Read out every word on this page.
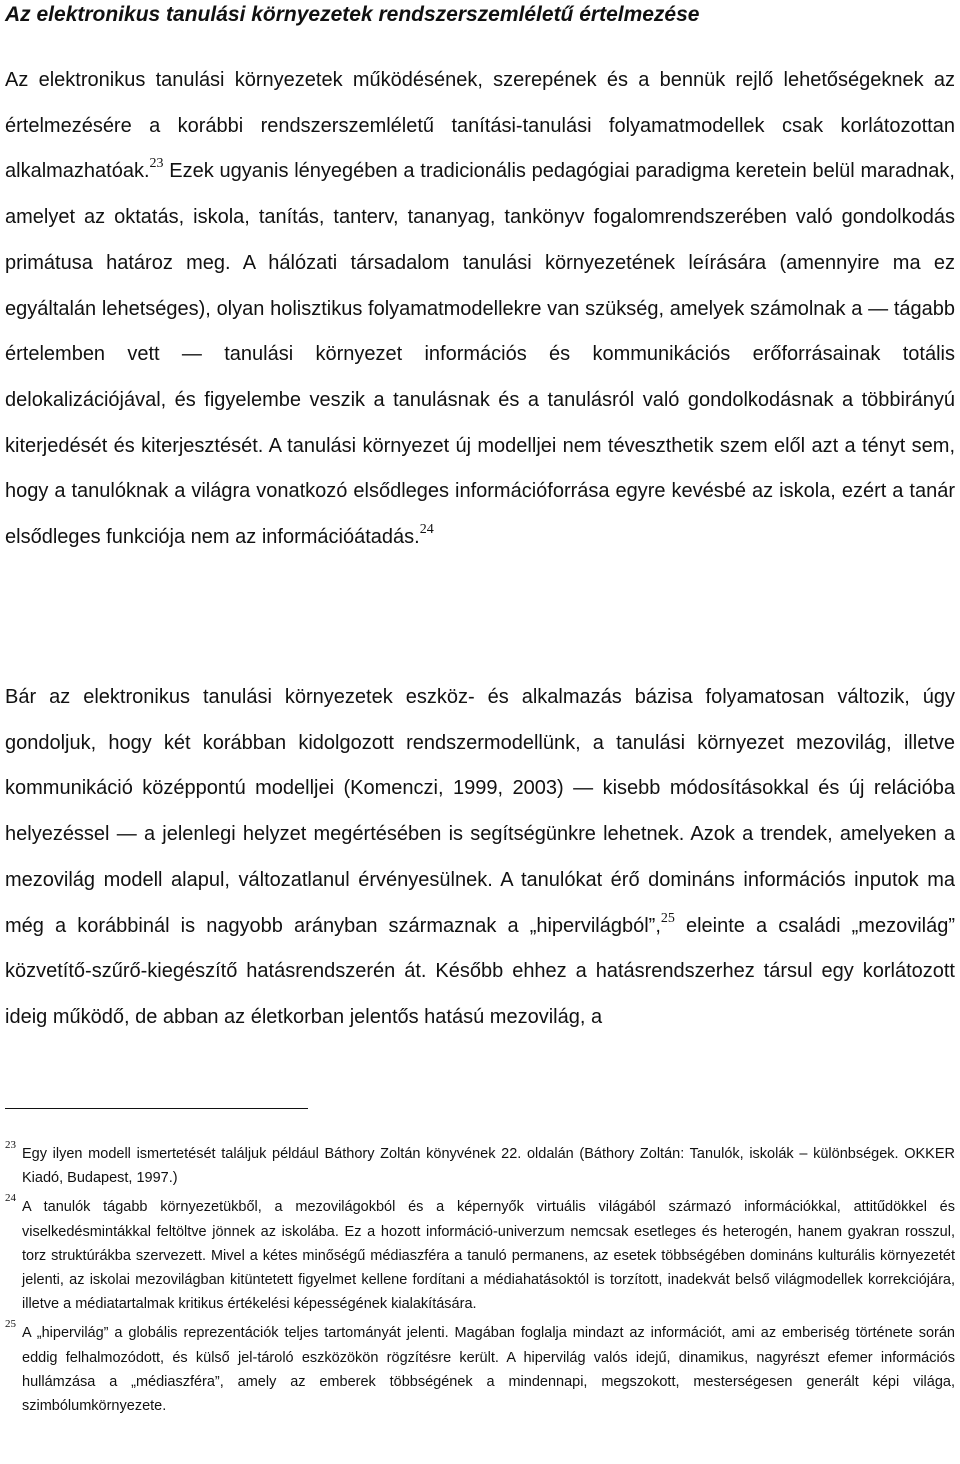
Az elektronikus tanulási környezetek rendszerszemléletű értelmezése

Az elektronikus tanulási környezetek működésének, szerepének és a bennük rejlő lehetőségeknek az értelmezésére a korábbi rendszerszemléletű tanítási-tanulási folyamatmodellek csak korlátozottan alkalmazhatóak.$^{23}$ Ezek ugyanis lényegében a tradicionális pedagógiai paradigma keretein belül maradnak, amelyet az oktatás, iskola, tanítás, tanterv, tananyag, tankönyv fogalomrendszerében való gondolkodás primátusa határoz meg. A hálózati társadalom tanulási környezetének leírására (amennyire ma ez egyáltalán lehetséges), olyan holisztikus folyamatmodellekre van szükség, amelyek számolnak a — tágabb értelemben vett — tanulási környezet információs és kommunikációs erőforrásainak totális delokalizációjával, és figyelembe veszik a tanulásnak és a tanulásról való gondolkodásnak a többirányú kiterjedését és kiterjesztését. A tanulási környezet új modelljei nem téveszthetik szem elől azt a tényt sem, hogy a tanulóknak a világra vonatkozó elsődleges információforrása egyre kevésbé az iskola, ezért a tanár elsődleges funkciója nem az információátadás.$^{24}$

Bár az elektronikus tanulási környezetek eszköz- és alkalmazás bázisa folyamatosan változik, úgy gondoljuk, hogy két korábban kidolgozott rendszermodellünk, a tanulási környezet mezovilág, illetve kommunikáció középpontú modelljei (Komenczi, 1999, 2003) — kisebb módosításokkal és új relációba helyezéssel — a jelenlegi helyzet megértésében is segítségünkre lehetnek. Azok a trendek, amelyeken a mezovilág modell alapul, változatlanul érvényesülnek. A tanulókat érő domináns információs inputok ma még a korábbinál is nagyobb arányban származnak a „hipervilágból”,$^{25}$ eleinte a családi „mezovilág” közvetítő-szűrő-kiegészítő hatásrendszerén át. Később ehhez a hatásrendszerhez társul egy korlátozott ideig működő, de abban az életkorban jelentős hatású mezovilág, a

23
Egy ilyen modell ismertetését találjuk például Báthory Zoltán könyvének 22. oldalán (Báthory Zoltán: Tanulók, iskolák – különbségek. OKKER Kiadó, Budapest, 1997.)

24
A tanulók tágabb környezetükből, a mezovilágokból és a képernyők virtuális világából származó információkkal, attitűdökkel és viselkedésmintákkal feltöltve jönnek az iskolába. Ez a hozott információ-univerzum nemcsak esetleges és heterogén, hanem gyakran rosszul, torz struktúrákba szervezett. Mivel a kétes minőségű médiaszféra a tanuló permanens, az esetek többségében domináns kulturális környezetét jelenti, az iskolai mezovilágban kitüntetett figyelmet kellene fordítani a médiahatásoktól is torzított, inadekvát belső világmodellek korrekciójára, illetve a médiatartalmak kritikus értékelési képességének kialakítására.

25
A „hipervilág” a globális reprezentációk teljes tartományát jelenti. Magában foglalja mindazt az információt, ami az emberiség története során eddig felhalmozódott, és külső jel-tároló eszközökön rögzítésre került. A hipervilág valós idejű, dinamikus, nagyrészt efemer információs hullámzása a „médiaszféra”, amely az emberek többségének a mindennapi, megszokott, mesterségesen generált képi világa, szimbólumkörnyezete.
